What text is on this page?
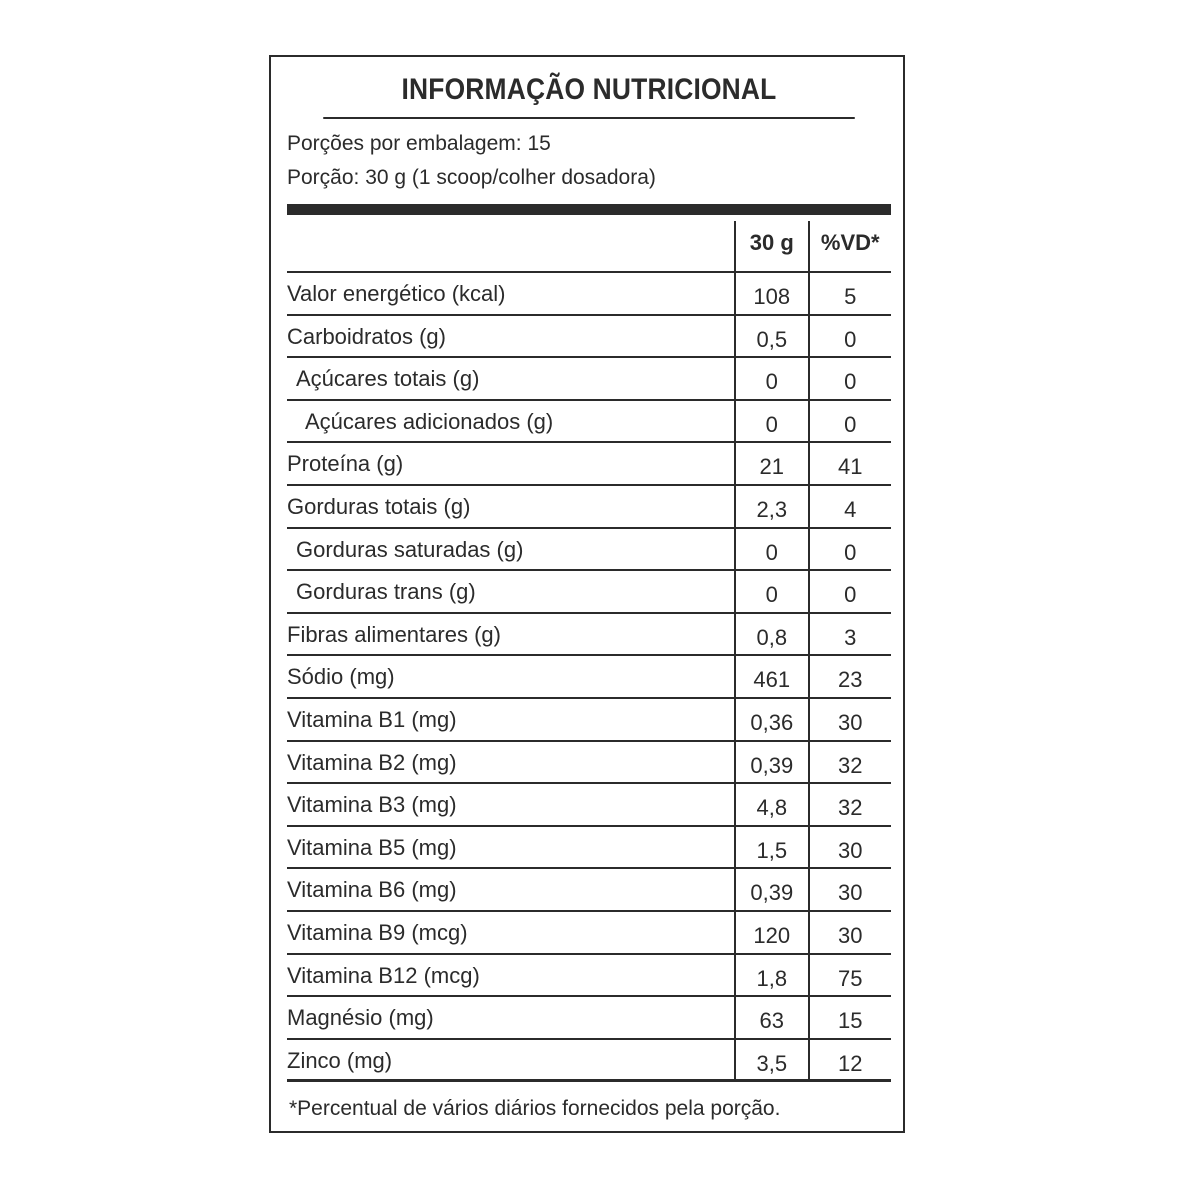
INFORMAÇÃO NUTRICIONAL
Porções por embalagem: 15
Porção: 30 g (1 scoop/colher dosadora)
30 g	%VD*
Valor energético (kcal)	108	5
Carboidratos (g)	0,5	0
Açúcares totais (g)	0	0
Açúcares adicionados (g)	0	0
Proteína (g)	21	41
Gorduras totais (g)	2,3	4
Gorduras saturadas (g)	0	0
Gorduras trans (g)	0	0
Fibras alimentares (g)	0,8	3
Sódio (mg)	461	23
Vitamina B1 (mg)	0,36	30
Vitamina B2 (mg)	0,39	32
Vitamina B3 (mg)	4,8	32
Vitamina B5 (mg)	1,5	30
Vitamina B6 (mg)	0,39	30
Vitamina B9 (mcg)	120	30
Vitamina B12 (mcg)	1,8	75
Magnésio (mg)	63	15
Zinco (mg)	3,5	12
*Percentual de vários diários fornecidos pela porção.
